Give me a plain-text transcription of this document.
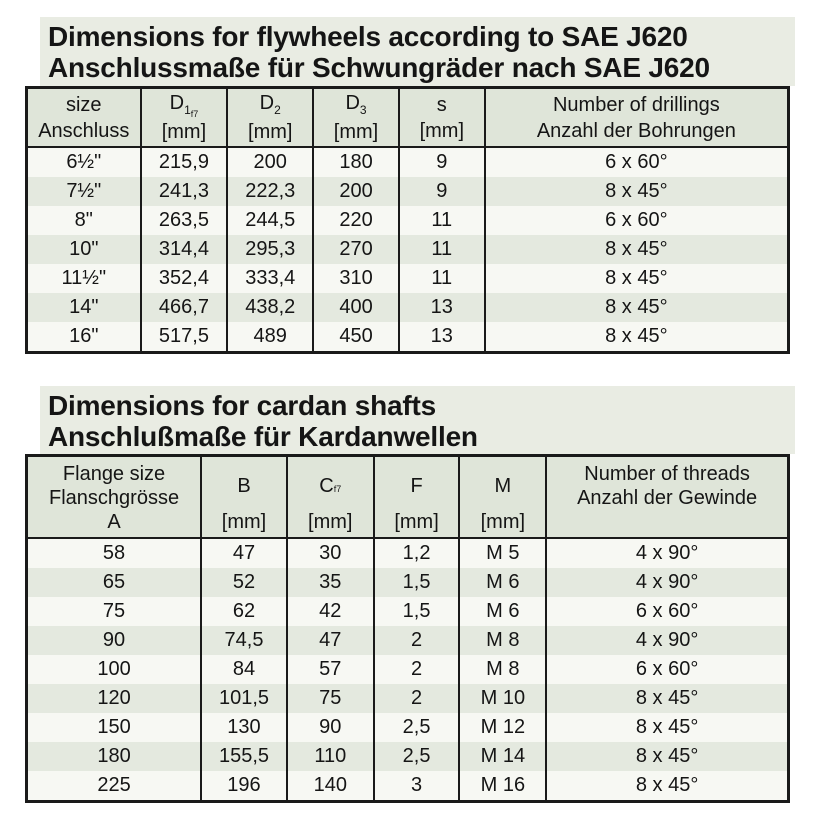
Dimensions for flywheels according to SAE J620
Anschlussmaße für Schwungräder nach SAE J620
size
Anschluss

$D_{1_{f7}}$
[mm]

$D_2$
[mm]

$D_3$
[mm]

s
[mm]

Number of drillings
Anzahl der Bohrungen

6½"	215,9	200	180	9	6 x 60°
7½"	241,3	222,3	200	9	8 x 45°
8"	263,5	244,5	220	11	6 x 60°
10"	314,4	295,3	270	11	8 x 45°
11½"	352,4	333,4	310	11	8 x 45°
14"	466,7	438,2	400	13	8 x 45°
16"	517,5	489	450	13	8 x 45°
Dimensions for cardan shafts
Anschlußmaße für Kardanwellen
Flange size
Flanschgrösse
A

B
[mm]

C f7
[mm]

F
[mm]

M
[mm]

Number of threads
Anzahl der Gewinde

58	47	30	1,2	M 5	4 x 90°
65	52	35	1,5	M 6	4 x 90°
75	62	42	1,5	M 6	6 x 60°
90	74,5	47	2	M 8	4 x 90°
100	84	57	2	M 8	6 x 60°
120	101,5	75	2	M 10	8 x 45°
150	130	90	2,5	M 12	8 x 45°
180	155,5	110	2,5	M 14	8 x 45°
225	196	140	3	M 16	8 x 45°
